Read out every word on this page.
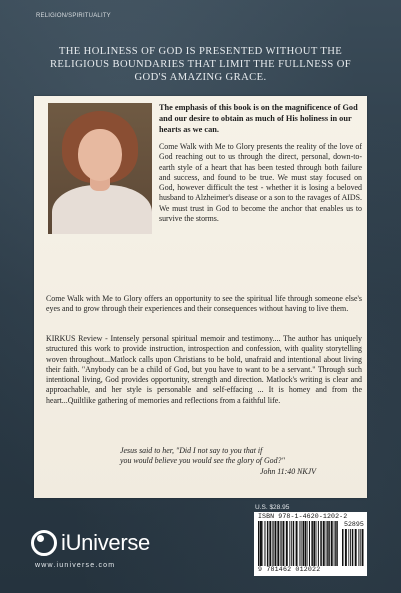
RELIGION/SPIRITUALITY
THE HOLINESS OF GOD IS PRESENTED WITHOUT THE RELIGIOUS BOUNDARIES THAT LIMIT THE FULLNESS OF GOD'S AMAZING GRACE.
The emphasis of this book is on the magnificence of God and our desire to obtain as much of His holiness in our hearts as we can.
Come Walk with Me to Glory presents the reality of the love of God reaching out to us through the direct, personal, down-to-earth style of a heart that has been tested through both failure and success, and found to be true. We must stay focused on God, however difficult the test - whether it is losing a beloved husband to Alzheimer's disease or a son to the ravages of AIDS. We must trust in God to become the anchor that enables us to survive the storms.
Come Walk with Me to Glory offers an opportunity to see the spiritual life through someone else's eyes and to grow through their experiences and their consequences without having to live them.
KIRKUS Review - Intensely personal spiritual memoir and testimony.... The author has uniquely structured this work to provide instruction, introspection and confession, with quality storytelling woven throughout...Matlock calls upon Christians to be bold, unafraid and intentional about living their faith. "Anybody can be a child of God, but you have to want to be a servant." Through such intentional living, God provides opportunity, strength and direction. Matlock's writing is clear and approachable, and her style is personable and self-effacing ... It is homey and from the heart...Quiltlike gathering of memories and reflections from a faithful life.
Jesus said to her, "Did I not say to you that if
you would believe you would see the glory of God?"
John 11:40 NKJV
U.S. $28.95
ISBN 978-1-4620-1202-2
52895
9 781462 012022
iUniverse
www.iuniverse.com
